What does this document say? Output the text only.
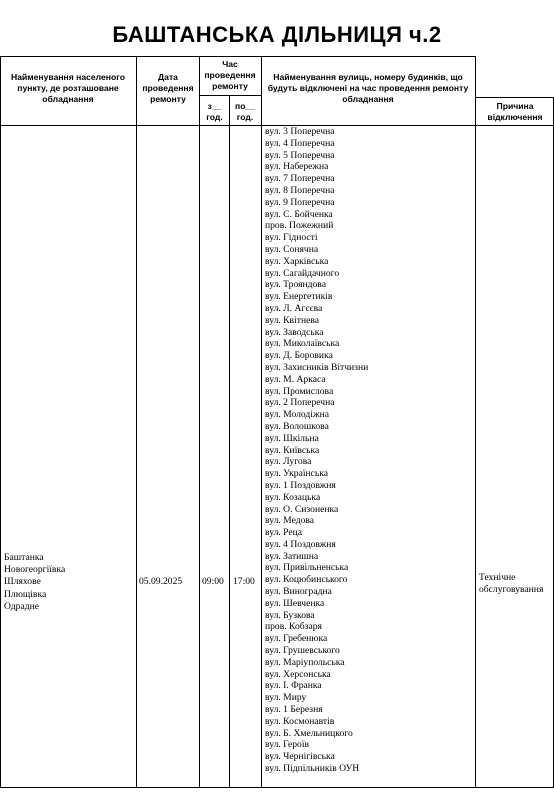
БАШТАНСЬКА ДІЛЬНИЦЯ ч.2
Найменування населеного пункту, де розташоване обладнання
Дата проведення ремонту
Час проведення ремонту
з__ год.
по__ год.
Найменування вулиць, номеру будинків, що будуть відключені на час проведення ремонту обладнання
Причина відключення
Баштанка
Новогеоргіївка
Шляхове
Плющівка
Одрадне
05.09.2025 09:00 17:00	Технічне обслуговування
вул. 3 Поперечна
вул. 4 Поперечна
вул. 5 Поперечна
вул. Набережна
вул. 7 Поперечна
вул. 8 Поперечна
вул. 9 Поперечна
вул. С. Бойченка
пров. Пожежний
вул. Гідності
вул. Сонячна
вул. Харківська
вул. Сагайдачного
вул. Трояндова
вул. Енергетиків
вул. Л. Агєєва
вул. Квітнева
вул. Заводська
вул. Миколаївська
вул. Д. Боровика
вул. Захисників Вітчизни
вул. М. Аркаса
вул. Промислова
вул. 2 Поперечна
вул. Молодіжна
вул. Волошкова
вул. Шкільна
вул. Київська
вул. Лугова
вул. Українська
вул. 1 Поздовжня
вул. Козацька
вул. О. Сизоненка
вул. Медова
вул. Реца
вул. 4 Поздовжня
вул. Затишна
вул. Привільненська
вул. Коцюбинського
вул. Виноградна
вул. Шевченка
вул. Бузкова
пров. Кобзаря
вул. Гребенюка
вул. Грушевського
вул. Маріупольська
вул. Херсонська
вул. І. Франка
вул. Миру
вул. 1 Березня
вул. Космонавтів
вул. Б. Хмельницкого
вул. Героїв
вул. Чернігівська
вул. Підпільників ОУН
